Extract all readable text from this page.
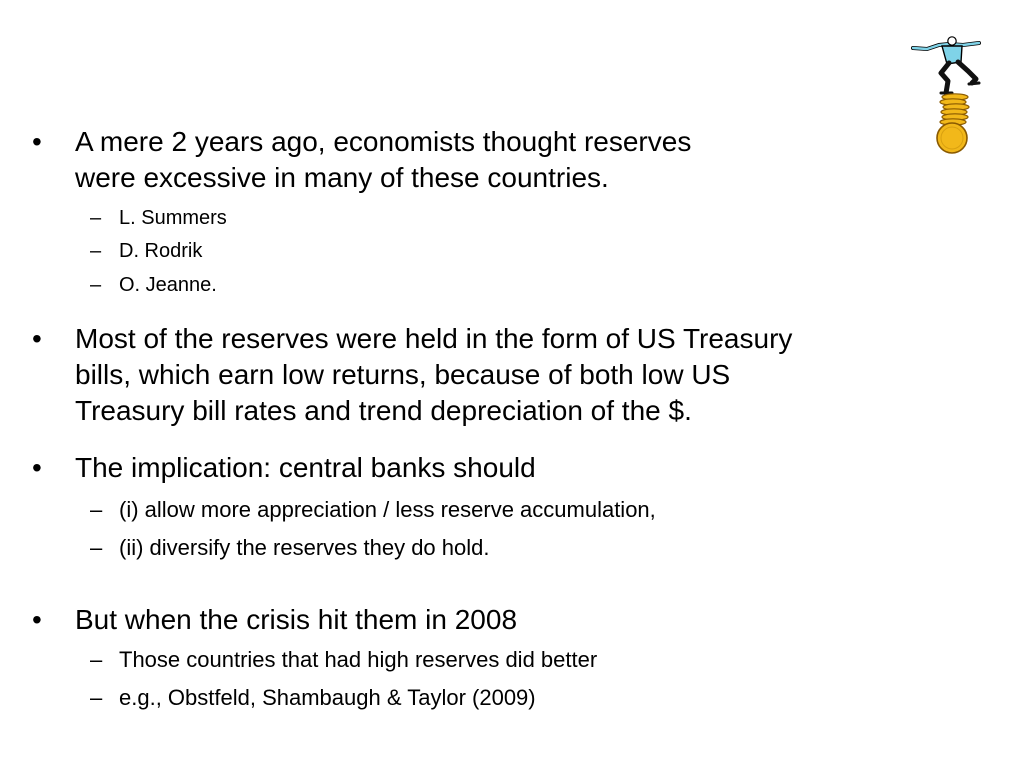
• A mere 2 years ago, economists thought reserves
were excessive in many of these countries.
– L. Summers
– D. Rodrik
– O. Jeanne.
• Most of the reserves were held in the form of US Treasury
bills, which earn low returns, because of both low US
Treasury bill rates and trend depreciation of the $.
• The implication: central banks should
– (i) allow more appreciation / less reserve accumulation,
– (ii) diversify the reserves they do hold.
• But when the crisis hit them in 2008
– Those countries that had high reserves did better
– e.g., Obstfeld, Shambaugh & Taylor (2009)
